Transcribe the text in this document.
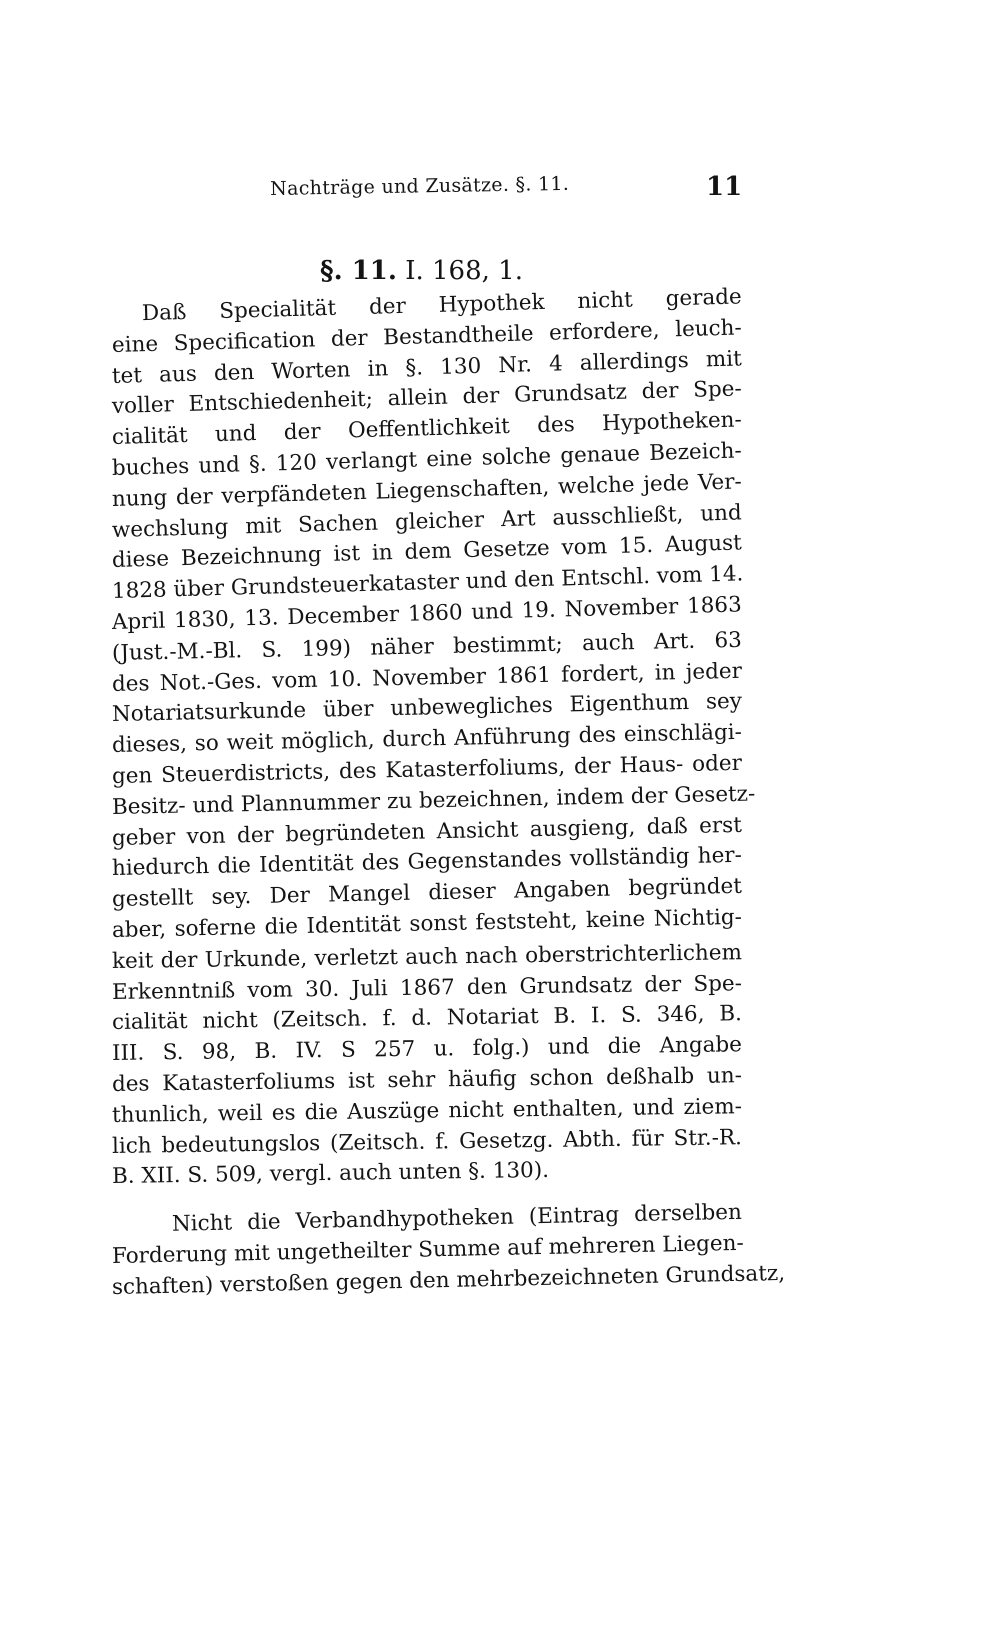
Nachträge und Zusätze. §. 11.	11
§. 11. I. 168, 1.
Daß Specialität der Hypothek nicht gerade
eine Specification der Bestandtheile erfordere, leuch-
tet aus den Worten in §. 130 Nr. 4 allerdings mit
voller Entschiedenheit; allein der Grundsatz der Spe-
cialität und der Oeffentlichkeit des Hypotheken-
buches und §. 120 verlangt eine solche genaue Bezeich-
nung der verpfändeten Liegenschaften, welche jede Ver-
wechslung mit Sachen gleicher Art ausschließt, und
diese Bezeichnung ist in dem Gesetze vom 15. August
1828 über Grundsteuerkataster und den Entschl. vom 14.
April 1830, 13. December 1860 und 19. November 1863
(Just.-M.-Bl. S. 199) näher bestimmt; auch Art. 63
des Not.-Ges. vom 10. November 1861 fordert, in jeder
Notariatsurkunde über unbewegliches Eigenthum sey
dieses, so weit möglich, durch Anführung des einschlägi-
gen Steuerdistricts, des Katasterfoliums, der Haus- oder
Besitz- und Plannummer zu bezeichnen, indem der Gesetz-
geber von der begründeten Ansicht ausgieng, daß erst
hiedurch die Identität des Gegenstandes vollständig her-
gestellt sey. Der Mangel dieser Angaben begründet
aber, soferne die Identität sonst feststeht, keine Nichtig-
keit der Urkunde, verletzt auch nach oberstrichterlichem
Erkenntniß vom 30. Juli 1867 den Grundsatz der Spe-
cialität nicht (Zeitsch. f. d. Notariat B. I. S. 346, B.
III. S. 98, B. IV. S 257 u. folg.) und die Angabe
des Katasterfoliums ist sehr häufig schon deßhalb un-
thunlich, weil es die Auszüge nicht enthalten, und ziem-
lich bedeutungslos (Zeitsch. f. Gesetzg. Abth. für Str.-R.
B. XII. S. 509, vergl. auch unten §. 130).
Nicht die Verbandhypotheken (Eintrag derselben
Forderung mit ungetheilter Summe auf mehreren Liegen-
schaften) verstoßen gegen den mehrbezeichneten Grundsatz,
